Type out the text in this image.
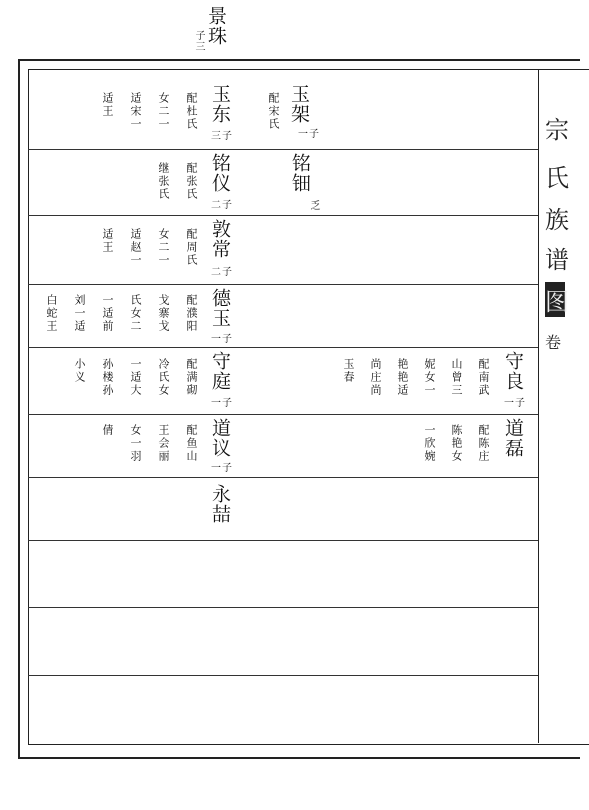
景珠
子三
宗
氏
族
谱
图
卷
玉架
配宋氏
一子
玉东
三子
配杜氏
女二一
适宋一
适王
铭钿
乏
铭仪
二子
配张氏
继张氏
敦常
二子
配周氏
女二一
适赵一
适王
德玉
一子
配濮阳
戈寨戈
氏女二
一适前
刘一适
白蛇王
守良
一子
配南武
山曾三
妮女一
艳艳适
尚庄尚
玉春
守庭
一子
配满砌
冷氏女
一适大
孙楼孙
小义
道磊
配陈庄
陈艳女
一欣婉
道议
一子
配鱼山
王会丽
女一羽
倩
永喆
